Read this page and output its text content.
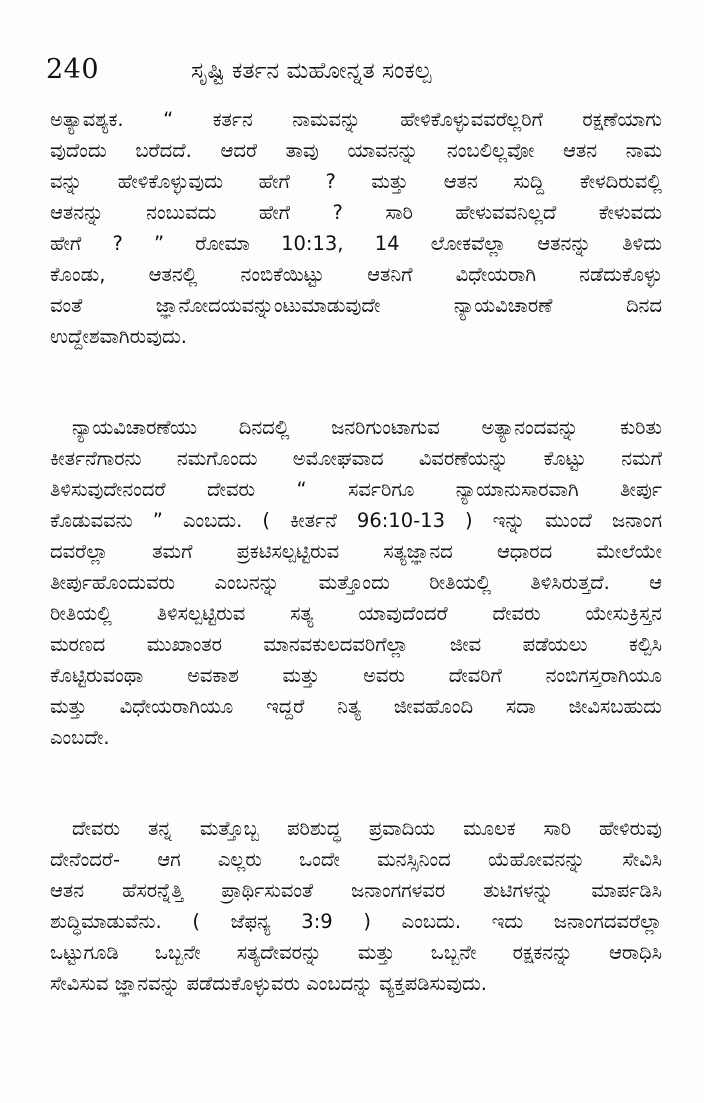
240	ಸೃಷ್ಟಿ ಕರ್ತನ ಮಹೋನ್ನತ ಸಂಕಲ್ಪ
ಅತ್ಯಾವಶ್ಯಕ. “ ಕರ್ತನ ನಾಮವನ್ನು ಹೇಳಿಕೊಳ್ಳುವವರೆಲ್ಲರಿಗೆ ರಕ್ಷಣೆಯಾಗು
ವುದೆಂದು ಬರೆದದೆ. ಆದರೆ ತಾವು ಯಾವನನ್ನು ನಂಬಲಿಲ್ಲವೋ ಆತನ ನಾಮ
ವನ್ನು ಹೇಳಿಕೊಳ್ಳುವುದು ಹೇಗೆ ? ಮತ್ತು ಆತನ ಸುದ್ದಿ ಕೇಳದಿರುವಲ್ಲಿ
ಆತನನ್ನು ನಂಬುವದು ಹೇಗೆ ? ಸಾರಿ ಹೇಳುವವನಿಲ್ಲದೆ ಕೇಳುವದು
ಹೇಗೆ ? ” ರೋಮಾ 10:13, 14 ಲೋಕವೆಲ್ಲಾ ಆತನನ್ನು ತಿಳಿದು
ಕೊಂಡು, ಆತನಲ್ಲಿ ನಂಬಿಕೆಯಿಟ್ಟು ಆತನಿಗೆ ವಿಧೇಯರಾಗಿ ನಡೆದುಕೊಳ್ಳು
ವಂತೆ ಜ್ಞಾನೋದಯವನ್ನುಂಟುಮಾಡುವುದೇ ನ್ಯಾಯವಿಚಾರಣೆ ದಿನದ
ಉದ್ದೇಶವಾಗಿರುವುದು.
ನ್ಯಾಯವಿಚಾರಣೆಯು ದಿನದಲ್ಲಿ ಜನರಿಗುಂಟಾಗುವ ಅತ್ಯಾನಂದವನ್ನು ಕುರಿತು
ಕೀರ್ತನೆಗಾರನು ನಮಗೊಂದು ಅಮೋಘವಾದ ವಿವರಣೆಯನ್ನು ಕೊಟ್ಟು ನಮಗೆ
ತಿಳಿಸುವುದೇನಂದರೆ ದೇವರು “ ಸರ್ವರಿಗೂ ನ್ಯಾಯಾನುಸಾರವಾಗಿ ತೀರ್ಪು
ಕೊಡುವವನು ” ಎಂಬದು. ( ಕೀರ್ತನೆ 96:10-13 ) ಇನ್ನು ಮುಂದೆ ಜನಾಂಗ
ದವರೆಲ್ಲಾ ತಮಗೆ ಪ್ರಕಟಿಸಲ್ಪಟ್ಟಿರುವ ಸತ್ಯಜ್ಞಾನದ ಆಧಾರದ ಮೇಲೆಯೇ
ತೀರ್ಪುಹೊಂದುವರು ಎಂಬನನ್ನು ಮತ್ತೊಂದು ರೀತಿಯಲ್ಲಿ ತಿಳಿಸಿರುತ್ತದೆ. ಆ
ರೀತಿಯಲ್ಲಿ ತಿಳಿಸಲ್ಪಟ್ಟಿರುವ ಸತ್ಯ ಯಾವುದೆಂದರೆ ದೇವರು ಯೇಸುಕ್ರಿಸ್ತನ
ಮರಣದ ಮುಖಾಂತರ ಮಾನವಕುಲದವರಿಗೆಲ್ಲಾ ಜೀವ ಪಡೆಯಲು ಕಲ್ಪಿಸಿ
ಕೊಟ್ಟಿರುವಂಥಾ ಅವಕಾಶ ಮತ್ತು ಅವರು ದೇವರಿಗೆ ನಂಬಿಗಸ್ತರಾಗಿಯೂ
ಮತ್ತು ವಿಧೇಯರಾಗಿಯೂ ಇದ್ದರೆ ನಿತ್ಯ ಜೀವಹೊಂದಿ ಸದಾ ಜೀವಿಸಬಹುದು
ಎಂಬದೇ.
ದೇವರು ತನ್ನ ಮತ್ತೊಬ್ಬ ಪರಿಶುದ್ಧ ಪ್ರವಾದಿಯ ಮೂಲಕ ಸಾರಿ ಹೇಳಿರುವು
ದೇನೆಂದರೆ- ಆಗ ಎಲ್ಲರು ಒಂದೇ ಮನಸ್ಸಿನಿಂದ ಯೆಹೋವನನ್ನು ಸೇವಿಸಿ
ಆತನ ಹೆಸರನ್ನೆತ್ತಿ ಪ್ರಾರ್ಥಿಸುವಂತೆ ಜನಾಂಗಗಳವರ ತುಟಿಗಳನ್ನು ಮಾರ್ಪಡಿಸಿ
ಶುದ್ಧಿಮಾಡುವೆನು. ( ಜೆಫನ್ಯ 3:9 ) ಎಂಬದು. ಇದು ಜನಾಂಗದವರೆಲ್ಲಾ
ಒಟ್ಟುಗೂಡಿ ಒಬ್ಬನೇ ಸತ್ಯದೇವರನ್ನು ಮತ್ತು ಒಬ್ಬನೇ ರಕ್ಷಕನನ್ನು ಆರಾಧಿಸಿ
ಸೇವಿಸುವ ಜ್ಞಾನವನ್ನು ಪಡೆದುಕೊಳ್ಳುವರು ಎಂಬದನ್ನು ವ್ಯಕ್ತಪಡಿಸುವುದು.
